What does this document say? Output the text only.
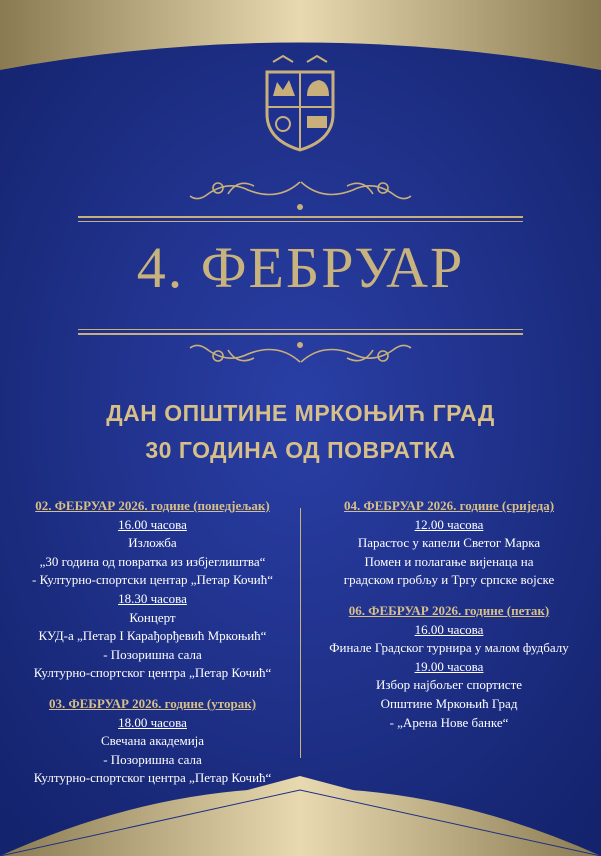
4. ФЕБРУАР
ДАН ОПШТИНЕ МРКОЊИЋ ГРАД
30 ГОДИНА ОД ПОВРАТКА
02. ФЕБРУАР 2026. године (понедјељак)
16.00 часова
Изложба
„30 година од повратка из избјеглиштва“
- Културно-спортски центар „Петар Кочић“
18.30 часова
Концерт
КУД-а „Петар I Карађорђевић Мркоњић“
- Позоришна сала
Културно-спортског центра „Петар Кочић“
03. ФЕБРУАР 2026. године (уторак)
18.00 часова
Свечана академија
- Позоришна сала
Културно-спортског центра „Петар Кочић“
04. ФЕБРУАР 2026. године (сриједа)
12.00 часова
Парастос у капели Светог Марка
Помен и полагање вијенаца на
градском гробљу и Тргу српске војске
06. ФЕБРУАР 2026. године (петак)
16.00 часова
Финале Градског турнира у малом фудбалу
19.00 часова
Избор најбољег спортисте
Општине Мркоњић Град
- „Арена Нове банке“
